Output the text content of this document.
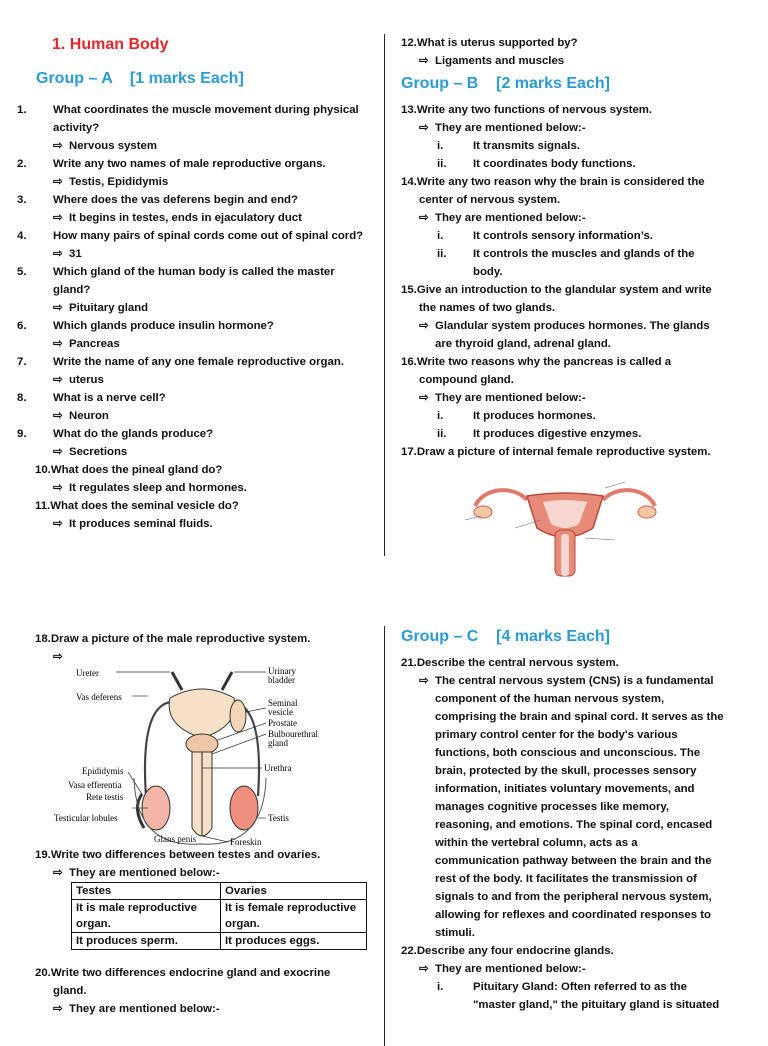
1. Human Body
Group – A    [1 marks Each]
1. What coordinates the muscle movement during physical activity?
⇨ Nervous system
2. Write any two names of male reproductive organs.
⇨ Testis, Epididymis
3. Where does the vas deferens begin and end?
⇨ It begins in testes, ends in ejaculatory duct
4. How many pairs of spinal cords come out of spinal cord?
⇨ 31
5. Which gland of the human body is called the master gland?
⇨ Pituitary gland
6. Which glands produce insulin hormone?
⇨ Pancreas
7. Write the name of any one female reproductive organ.
⇨ uterus
8. What is a nerve cell?
⇨ Neuron
9. What do the glands produce?
⇨ Secretions
10.What does the pineal gland do?
⇨ It regulates sleep and hormones.
11.What does the seminal vesicle do?
⇨ It produces seminal fluids.
12.What is uterus supported by?
⇨ Ligaments and muscles
Group – B    [2 marks Each]
13.Write any two functions of nervous system.
⇨ They are mentioned below:-
i.	It transmits signals.
ii. It coordinates body functions.
14.Write any two reason why the brain is considered the
center of nervous system.
⇨ They are mentioned below:-
i.	It controls sensory information’s.
ii. It controls the muscles and glands of the
body.
15.Give an introduction to the glandular system and write
the names of two glands.
⇨ Glandular system produces hormones. The glands
are thyroid gland, adrenal gland.
16.Write two reasons why the pancreas is called a
compound gland.
⇨ They are mentioned below:-
i.	It produces hormones.
ii. It produces digestive enzymes.
17.Draw a picture of internal female reproductive system.
18.Draw a picture of the male reproductive system.
⇨
Ureter	Urinary
bladder
Vas deferens
Seminal
vesicle
Prostate
Bulbourethral
gland
Epididymis	Urethra
Vasa efferentia
Rete testis
Testicular lobules	Testis
Foreskin
Glans penis
19.Write two differences between testes and ovaries.
⇨ They are mentioned below:-
Testes	Ovaries
It is male reproductive organ.	It is female reproductive organ.
It produces sperm.	It produces eggs.
20.Write two differences endocrine gland and exocrine
gland.
⇨ They are mentioned below:-
Group – C    [4 marks Each]
21.Describe the central nervous system.
⇨ The central nervous system (CNS) is a fundamental
component of the human nervous system,
comprising the brain and spinal cord. It serves as the
primary control center for the body's various
functions, both conscious and unconscious. The
brain, protected by the skull, processes sensory
information, initiates voluntary movements, and
manages cognitive processes like memory,
reasoning, and emotions. The spinal cord, encased
within the vertebral column, acts as a
communication pathway between the brain and the
rest of the body. It facilitates the transmission of
signals to and from the peripheral nervous system,
allowing for reflexes and coordinated responses to
stimuli.
22.Describe any four endocrine glands.
⇨ They are mentioned below:-
i.	Pituitary Gland: Often referred to as the
"master gland," the pituitary gland is situated
